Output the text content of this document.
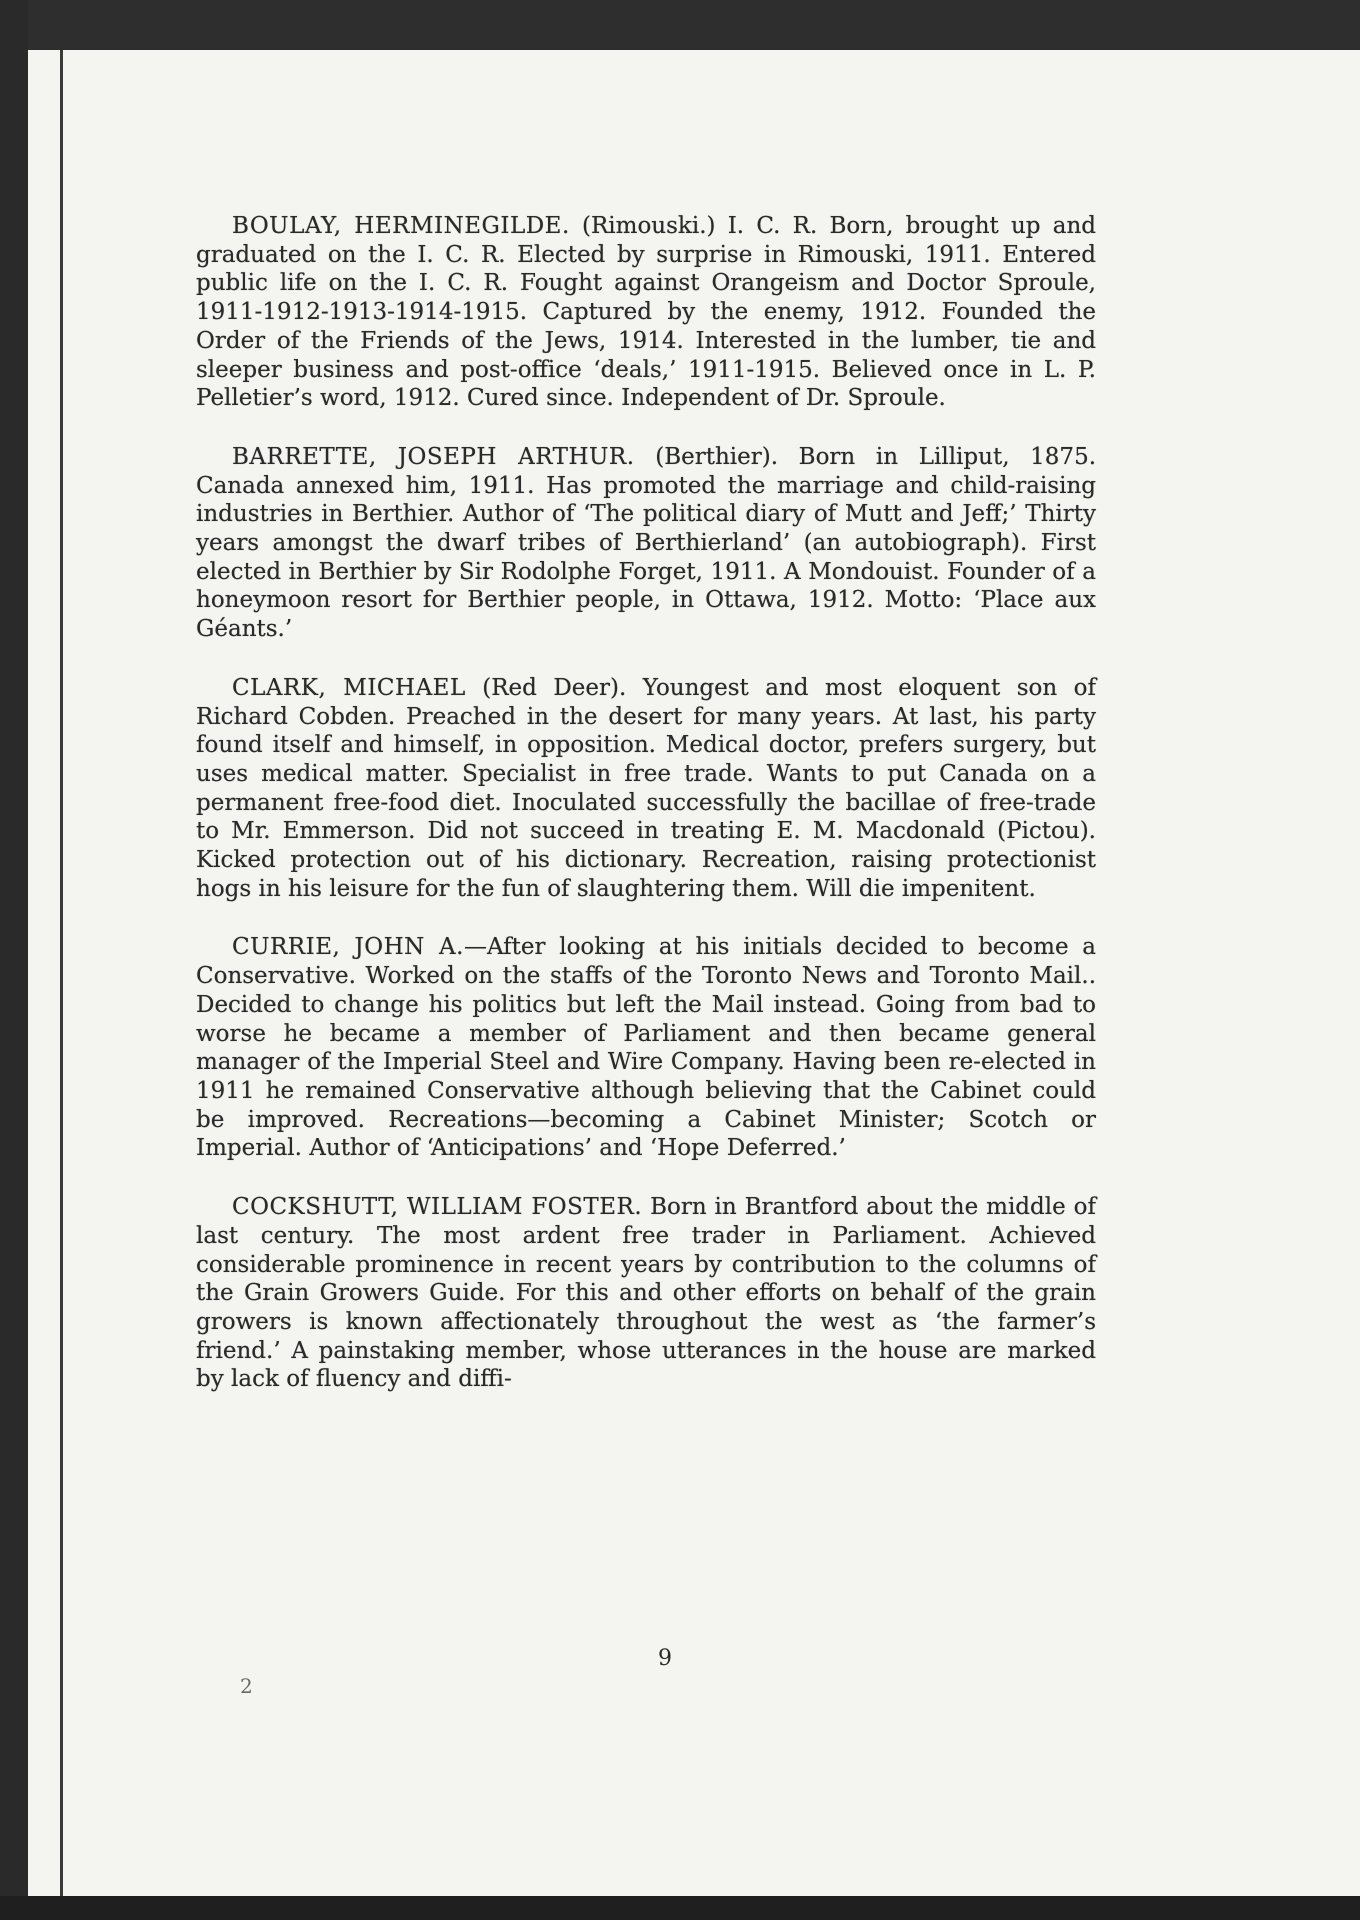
BOULAY, HERMINEGILDE. (Rimouski.) I. C. R. Born, brought up and graduated on the I. C. R. Elected by surprise in Rimouski, 1911. Entered public life on the I. C. R. Fought against Orangeism and Doctor Sproule, 1911-1912-1913-1914-1915. Captured by the enemy, 1912. Founded the Order of the Friends of the Jews, 1914. Interested in the lumber, tie and sleeper business and post-office ‘deals,’ 1911-1915. Believed once in L. P. Pelletier’s word, 1912. Cured since. Independent of Dr. Sproule.

BARRETTE, JOSEPH ARTHUR. (Berthier). Born in Lilliput, 1875. Canada annexed him, 1911. Has promoted the marriage and child-raising industries in Berthier. Author of ‘The political diary of Mutt and Jeff;’ Thirty years amongst the dwarf tribes of Berthierland’ (an autobiograph). First elected in Berthier by Sir Rodolphe Forget, 1911. A Mondouist. Founder of a honeymoon resort for Berthier people, in Ottawa, 1912. Motto: ‘Place aux Géants.’

CLARK, MICHAEL (Red Deer). Youngest and most eloquent son of Richard Cobden. Preached in the desert for many years. At last, his party found itself and himself, in opposition. Medical doctor, prefers surgery, but uses medical matter. Specialist in free trade. Wants to put Canada on a permanent free-food diet. Inoculated successfully the bacillae of free-trade to Mr. Emmerson. Did not succeed in treating E. M. Macdonald (Pictou). Kicked protection out of his dictionary. Recreation, raising protectionist hogs in his leisure for the fun of slaughtering them. Will die impenitent.

CURRIE, JOHN A.—After looking at his initials decided to become a Conservative. Worked on the staffs of the Toronto News and Toronto Mail.. Decided to change his politics but left the Mail instead. Going from bad to worse he became a member of Parliament and then became general manager of the Imperial Steel and Wire Company. Having been re-elected in 1911 he remained Conservative although believing that the Cabinet could be improved. Recreations—becoming a Cabinet Minister; Scotch or Imperial. Author of ‘Anticipations’ and ‘Hope Deferred.’

COCKSHUTT, WILLIAM FOSTER. Born in Brantford about the middle of last century. The most ardent free trader in Parliament. Achieved considerable prominence in recent years by contribution to the columns of the Grain Growers Guide. For this and other efforts on behalf of the grain growers is known affectionately throughout the west as ‘the farmer’s friend.’ A painstaking member, whose utterances in the house are marked by lack of fluency and diffi-

9
2
